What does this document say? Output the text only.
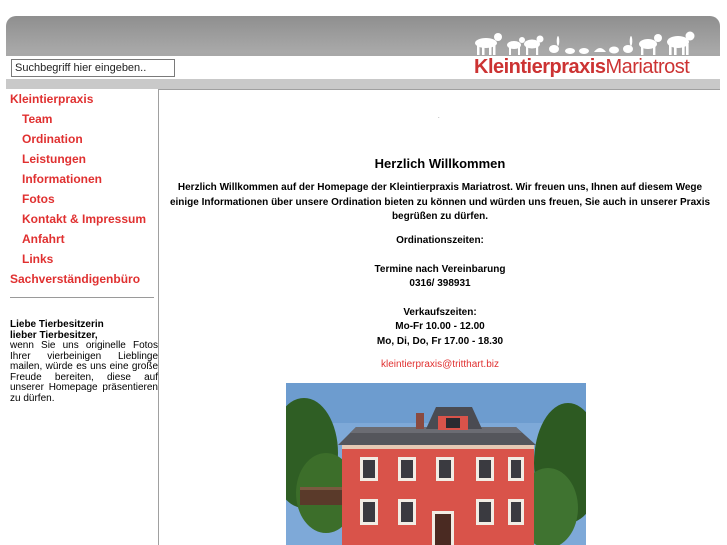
Suchbegriff hier eingeben..
KleintierpraxisMariatrost
Kleintierpraxis
Team
Ordination
Leistungen
Informationen
Fotos
Kontakt & Impressum
Anfahrt
Links
Sachverständigenbüro
Liebe Tierbesitzerin
lieber Tierbesitzer,
wenn Sie uns originelle Fotos Ihrer vierbeinigen Lieblinge mailen, würde es uns eine große Freude bereiten, diese auf unserer Homepage präsentieren zu dürfen.
.
Herzlich Willkommen
Herzlich Willkommen auf der Homepage der Kleintierpraxis Mariatrost. Wir freuen uns, Ihnen auf diesem Wege einige Informationen über unsere Ordination bieten zu können und würden uns freuen, Sie auch in unserer Praxis begrüßen zu dürfen.
Ordinationszeiten:
Termine nach Vereinbarung
0316/ 398931
Verkaufszeiten:
Mo-Fr 10.00 - 12.00
Mo, Di, Do, Fr 17.00 - 18.30
kleintierpraxis@tritthart.biz
